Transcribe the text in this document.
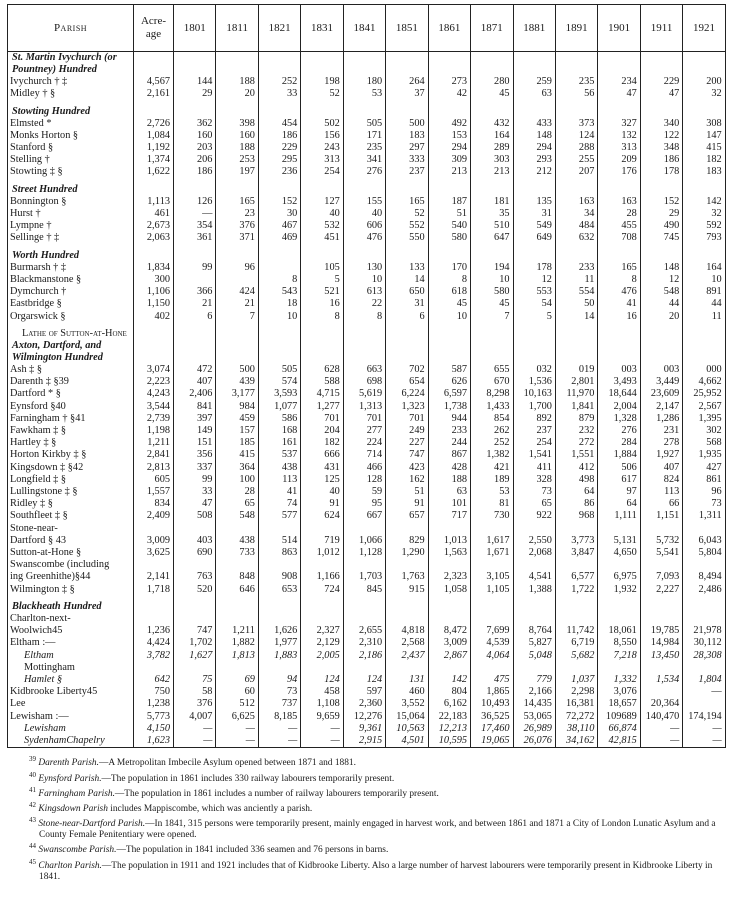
Parish	Acre-
age	1801	1811	1821	1831	1841	1851	1861	1871	1881	1891	1901	1911	1921
St. Martin Ivychurch (or Pountney) Hundred														
Ivychurch † ‡	4,567	144	188	252	198	180	264	273	280	259	235	234	229	200
Midley † §	2,161	29	20	33	52	53	37	42	45	63	56	47	47	32

Stowting Hundred														
Elmsted *	2,726	362	398	454	502	505	500	492	432	433	373	327	340	308
Monks Horton §	1,084	160	160	186	156	171	183	153	164	148	124	132	122	147
Stanford §	1,192	203	188	229	243	235	297	294	289	294	288	313	348	415
Stelling †	1,374	206	253	295	313	341	333	309	303	293	255	209	186	182
Stowting ‡ §	1,622	186	197	236	254	276	237	213	213	212	207	176	178	183

Street Hundred														
Bonnington §	1,113	126	165	152	127	155	165	187	181	135	163	163	152	142
Hurst †	461	—	23	30	40	40	52	51	35	31	34	28	29	32
Lympne †	2,673	354	376	467	532	606	552	540	510	549	484	455	490	592
Sellinge † ‡	2,063	361	371	469	451	476	550	580	647	649	632	708	745	793

Worth Hundred														
Burmarsh † ‡	1,834	99	96		105	130	133	170	194	178	233	165	148	164
Blackmanstone §	300			8	5	10	14	8	10	12	11	8	12	10
Dymchurch †	1,106	366	424	543	521	613	650	618	580	553	554	476	548	891
Eastbridge §	1,150	21	21	18	16	22	31	45	45	54	50	41	44	44
Orgarswick §	402	6	7	10	8	8	6	10	7	5	14	16	20	11

Lathe of Sutton-at-Hone														
Axton, Dartford, and Wilmington Hundred														
Ash ‡ §	3,074	472	500	505	628	663	702	587	655	032	019	003	003	000
Darenth ‡ §39	2,223	407	439	574	588	698	654	626	670	1,536	2,801	3,493	3,449	4,662
Dartford * §	4,243	2,406	3,177	3,593	4,715	5,619	6,224	6,597	8,298	10,163	11,970	18,644	23,609	25,952
Eynsford §40	3,544	841	984	1,077	1,277	1,313	1,323	1,738	1,433	1,700	1,841	2,004	2,147	2,567
Farningham † §41	2,739	397	459	586	701	701	701	944	854	892	879	1,328	1,286	1,395
Fawkham ‡ §	1,198	149	157	168	204	277	249	233	262	237	232	276	231	302
Hartley ‡ §	1,211	151	185	161	182	224	227	244	252	254	272	284	278	568
Horton Kirkby ‡ §	2,841	356	415	537	666	714	747	867	1,382	1,541	1,551	1,884	1,927	1,935
Kingsdown ‡ §42	2,813	337	364	438	431	466	423	428	421	411	412	506	407	427
Longfield ‡ §	605	99	100	113	125	128	162	188	189	328	498	617	824	861
Lullingstone ‡ §	1,557	33	28	41	40	59	51	63	53	73	64	97	113	96
Ridley ‡ §	834	47	65	74	91	95	91	101	81	65	86	64	66	73
Southfleet ‡ §	2,409	508	548	577	624	667	657	717	730	922	968	1,111	1,151	1,311
Stone-near-														
Dartford § 43	3,009	403	438	514	719	1,066	829	1,013	1,617	2,550	3,773	5,131	5,732	6,043
Sutton-at-Hone §	3,625	690	733	863	1,012	1,128	1,290	1,563	1,671	2,068	3,847	4,650	5,541	5,804
Swanscombe (including														
ing Greenhithe)§44	2,141	763	848	908	1,166	1,703	1,763	2,323	3,105	4,541	6,577	6,975	7,093	8,494
Wilmington ‡ §	1,718	520	646	653	724	845	915	1,058	1,105	1,388	1,722	1,932	2,227	2,486

Blackheath Hundred														
Charlton-next-														
Woolwich45	1,236	747	1,211	1,626	2,327	2,655	4,818	8,472	7,699	8,764	11,742	18,061	19,785	21,978
Eltham :—	4,424	1,702	1,882	1,977	2,129	2,310	2,568	3,009	4,539	5,827	6,719	8,550	14,984	30,112
Eltham	3,782	1,627	1,813	1,883	2,005	2,186	2,437	2,867	4,064	5,048	5,682	7,218	13,450	28,308
Mottingham														
Hamlet §	642	75	69	94	124	124	131	142	475	779	1,037	1,332	1,534	1,804
Kidbrooke Liberty45	750	58	60	73	458	597	460	804	1,865	2,166	2,298	3,076		—
Lee	1,238	376	512	737	1,108	2,360	3,552	6,162	10,493	14,435	16,381	18,657	20,364	
Lewisham :—	5,773	4,007	6,625	8,185	9,659	12,276	15,064	22,183	36,525	53,065	72,272	109689	140,470	174,194
Lewisham	4,150	—	—	—	—	9,361	10,563	12,213	17,460	26,989	38,110	66,874	—	—
SydenhamChapelry	1,623	—	—	—	—	2,915	4,501	10,595	19,065	26,076	34,162	42,815	—	—

$^{39}$ Darenth Parish.—A Metropolitan Imbecile Asylum opened between 1871 and 1881.

$^{40}$ Eynsford Parish.—The population in 1861 includes 330 railway labourers temporarily present.

$^{41}$ Farningham Parish.—The population in 1861 includes a number of railway labourers temporarily present.

$^{42}$ Kingsdown Parish includes Mappiscombe, which was anciently a parish.

$^{43}$ Stone-near-Dartford Parish.—In 1841, 315 persons were temporarily present, mainly engaged in harvest work, and between 1861 and 1871 a City of London Lunatic Asylum and a County Female Penitentiary were opened.

$^{44}$ Swanscombe Parish.—The population in 1841 included 336 seamen and 76 persons in barns.

$^{45}$ Charlton Parish.—The population in 1911 and 1921 includes that of Kidbrooke Liberty. Also a large number of harvest labourers were temporarily present in Kidbrooke Liberty in 1841.
